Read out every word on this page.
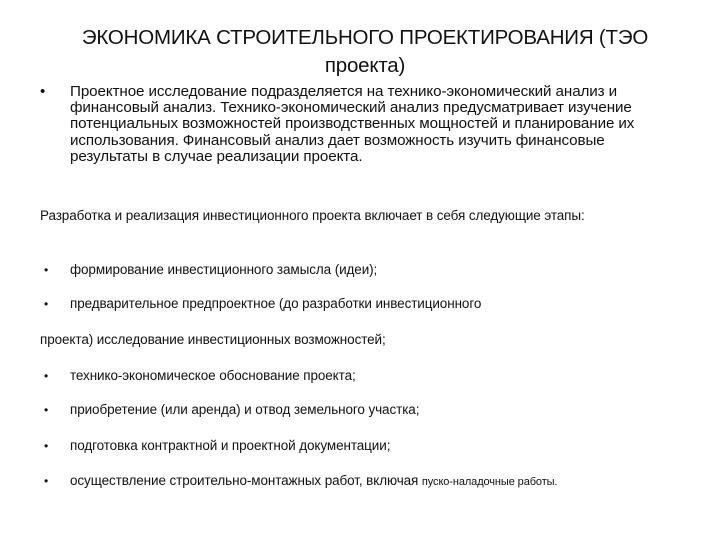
ЭКОНОМИКА СТРОИТЕЛЬНОГО ПРОЕКТИРОВАНИЯ (ТЭО проекта)
• Проектное исследование подразделяется на технико-экономический анализ и финансовый анализ. Технико-экономический анализ предусматривает изучение потенциальных возможностей производственных мощностей и планирование их использования. Финансовый анализ дает возможность изучить финансовые результаты в случае реализации проекта.
Разработка и реализация инвестиционного проекта включает в себя следующие этапы:
• формирование инвестиционного замысла (идеи);
• предварительное предпроектное (до разработки инвестиционного
проекта) исследование инвестиционных возможностей;
• технико-экономическое обоснование проекта;
• приобретение (или аренда) и отвод земельного участка;
• подготовка контрактной и проектной документации;
• осуществление строительно-монтажных работ, включая пуско-наладочные работы.
